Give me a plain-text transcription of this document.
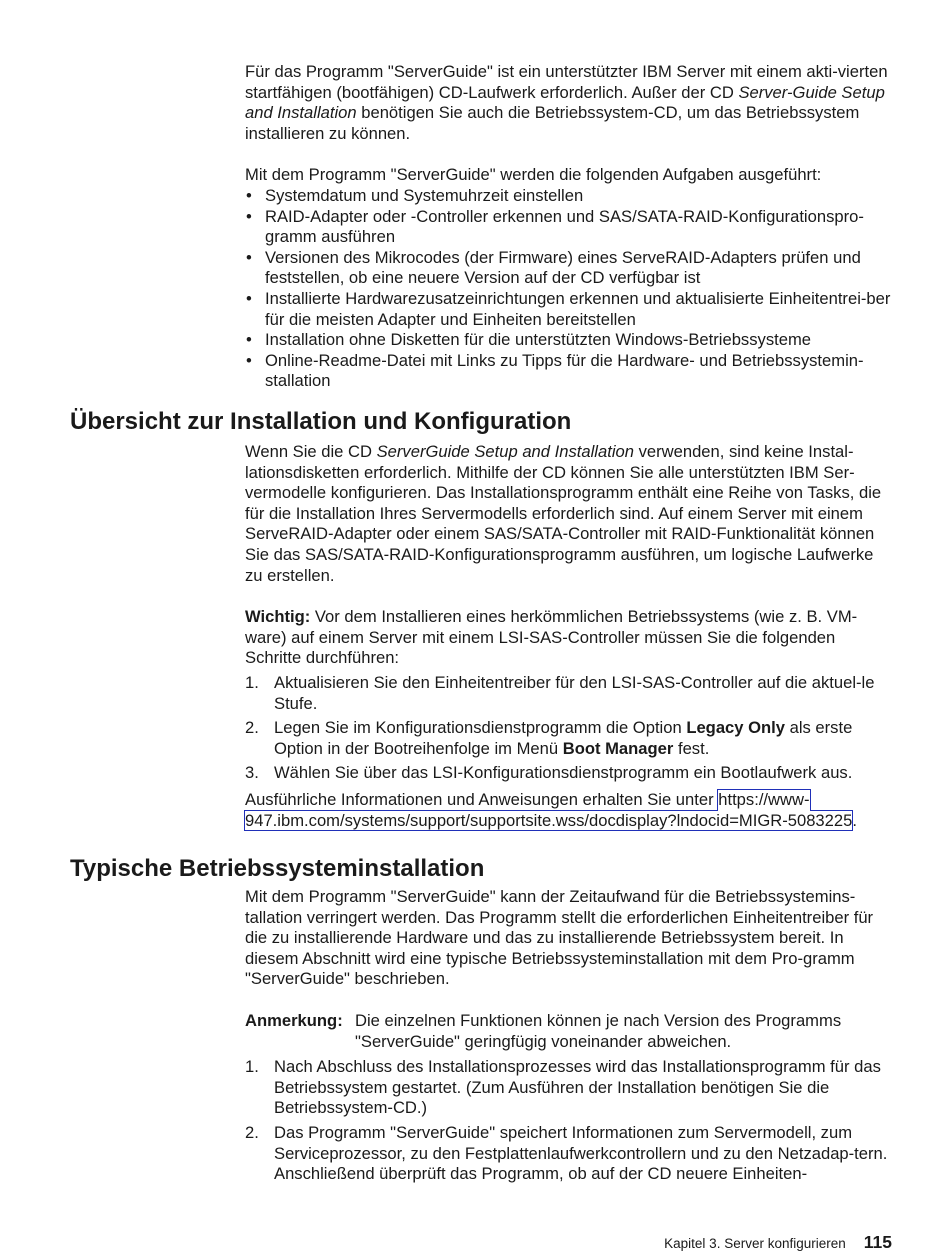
Für das Programm "ServerGuide" ist ein unterstützter IBM Server mit einem akti-vierten startfähigen (bootfähigen) CD-Laufwerk erforderlich. Außer der CD Server-Guide Setup and Installation benötigen Sie auch die Betriebssystem-CD, um das Betriebssystem installieren zu können.

Mit dem Programm "ServerGuide" werden die folgenden Aufgaben ausgeführt:

• Systemdatum und Systemuhrzeit einstellen
• RAID-Adapter oder -Controller erkennen und SAS/SATA-RAID-Konfigurationspro-gramm ausführen
• Versionen des Mikrocodes (der Firmware) eines ServeRAID-Adapters prüfen und feststellen, ob eine neuere Version auf der CD verfügbar ist
• Installierte Hardwarezusatzeinrichtungen erkennen und aktualisierte Einheitentrei-ber für die meisten Adapter und Einheiten bereitstellen
• Installation ohne Disketten für die unterstützten Windows-Betriebssysteme
• Online-Readme-Datei mit Links zu Tipps für die Hardware- und Betriebssystemin-stallation
Übersicht zur Installation und Konfiguration

Wenn Sie die CD ServerGuide Setup and Installation verwenden, sind keine Instal-lationsdisketten erforderlich. Mithilfe der CD können Sie alle unterstützten IBM Ser-vermodelle konfigurieren. Das Installationsprogramm enthält eine Reihe von Tasks, die für die Installation Ihres Servermodells erforderlich sind. Auf einem Server mit einem ServeRAID-Adapter oder einem SAS/SATA-Controller mit RAID-Funktionalität können Sie das SAS/SATA-RAID-Konfigurationsprogramm ausführen, um logische Laufwerke zu erstellen.

Wichtig: Vor dem Installieren eines herkömmlichen Betriebssystems (wie z. B. VM-ware) auf einem Server mit einem LSI-SAS-Controller müssen Sie die folgenden Schritte durchführen:

1. Aktualisieren Sie den Einheitentreiber für den LSI-SAS-Controller auf die aktuel-le Stufe.
2. Legen Sie im Konfigurationsdienstprogramm die Option Legacy Only als erste Option in der Bootreihenfolge im Menü Boot Manager fest.
3. Wählen Sie über das LSI-Konfigurationsdienstprogramm ein Bootlaufwerk aus.

Ausführliche Informationen und Anweisungen erhalten Sie unter https://www-947.ibm.com/systems/support/supportsite.wss/docdisplay?lndocid=MIGR-5083225.

Typische Betriebssysteminstallation

Mit dem Programm "ServerGuide" kann der Zeitaufwand für die Betriebssystemins-tallation verringert werden. Das Programm stellt die erforderlichen Einheitentreiber für die zu installierende Hardware und das zu installierende Betriebssystem bereit. In diesem Abschnitt wird eine typische Betriebssysteminstallation mit dem Pro-gramm "ServerGuide" beschrieben.

Anmerkung: Die einzelnen Funktionen können je nach Version des Programms "ServerGuide" geringfügig voneinander abweichen.
1. Nach Abschluss des Installationsprozesses wird das Installationsprogramm für das Betriebssystem gestartet. (Zum Ausführen der Installation benötigen Sie die Betriebssystem-CD.)
2. Das Programm "ServerGuide" speichert Informationen zum Servermodell, zum Serviceprozessor, zu den Festplattenlaufwerkcontrollern und zu den Netzadap-tern. Anschließend überprüft das Programm, ob auf der CD neuere Einheiten-
Kapitel 3. Server konfigurieren 115
